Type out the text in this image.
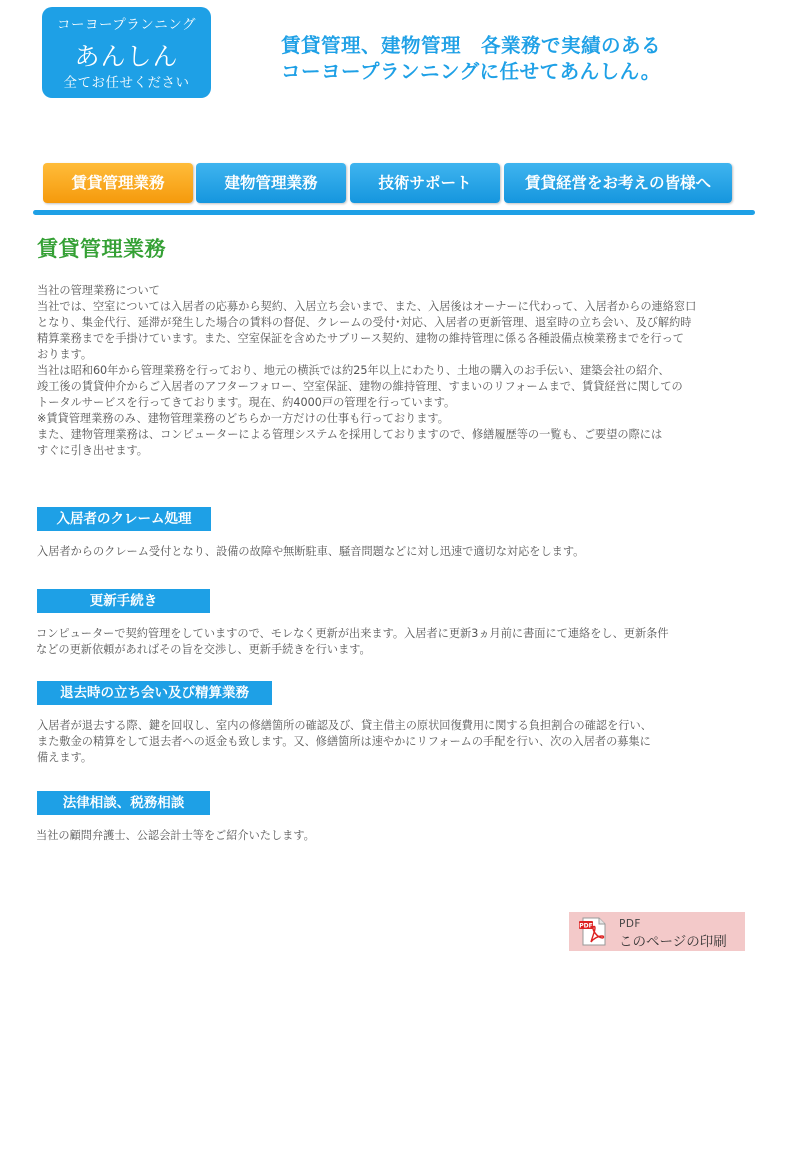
コーヨープランニング
あんしん
全てお任せください
賃貸管理、建物管理　各業務で実績のある
コーヨープランニングに任せてあんしん。
賃貸管理業務	建物管理業務	技術サポート	賃貸経営をお考えの皆様へ
賃貸管理業務
当社の管理業務について
当社では、空室については入居者の応募から契約、入居立ち会いまで、また、入居後はオーナーに代わって、入居者からの連絡窓口
となり、集金代行、延滞が発生した場合の賃料の督促、クレームの受付･対応、入居者の更新管理、退室時の立ち会い、及び解約時
精算業務までを手掛けています。また、空室保証を含めたサブリース契約、建物の維持管理に係る各種設備点検業務までを行って
おります。
当社は昭和60年から管理業務を行っており、地元の横浜では約25年以上にわたり、土地の購入のお手伝い、建築会社の紹介、
竣工後の賃貸仲介からご入居者のアフターフォロー、空室保証、建物の維持管理、すまいのリフォームまで、賃貸経営に関しての
トータルサービスを行ってきております。現在、約4000戸の管理を行っています。
※賃貸管理業務のみ、建物管理業務のどちらか一方だけの仕事も行っております。
また、建物管理業務は、コンピューターによる管理システムを採用しておりますので、修繕履歴等の一覧も、ご要望の際には
すぐに引き出せます。
入居者のクレーム処理
入居者からのクレーム受付となり、設備の故障や無断駐車、騒音問題などに対し迅速で適切な対応をします。
更新手続き
コンピューターで契約管理をしていますので、モレなく更新が出来ます。入居者に更新3ヵ月前に書面にて連絡をし、更新条件
などの更新依頼があればその旨を交渉し、更新手続きを行います。
退去時の立ち会い及び精算業務
入居者が退去する際、鍵を回収し、室内の修繕箇所の確認及び、貸主借主の原状回復費用に関する負担割合の確認を行い、
また敷金の精算をして退去者への返金も致します。又、修繕箇所は速やかにリフォームの手配を行い、次の入居者の募集に
備えます。
法律相談、税務相談
当社の顧問弁護士、公認会計士等をご紹介いたします。
PDF	PDF
このページの印刷
